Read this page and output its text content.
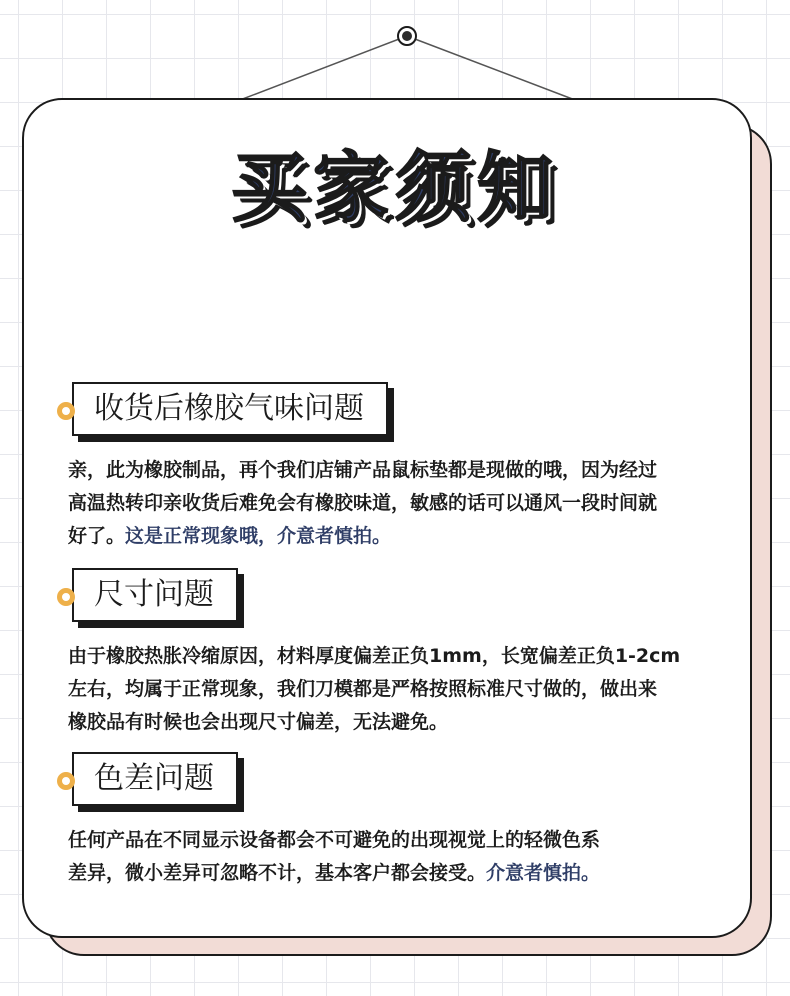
买家须知
收货后橡胶气味问题

亲，此为橡胶制品，再个我们店铺产品鼠标垫都是现做的哦，因为经过
高温热转印亲收货后难免会有橡胶味道，敏感的话可以通风一段时间就
好了。这是正常现象哦，介意者慎拍。

尺寸问题

由于橡胶热胀冷缩原因，材料厚度偏差正负1mm，长宽偏差正负1-2cm
左右，均属于正常现象，我们刀模都是严格按照标准尺寸做的，做出来
橡胶品有时候也会出现尺寸偏差，无法避免。

色差问题

任何产品在不同显示设备都会不可避免的出现视觉上的轻微色系
差异，微小差异可忽略不计，基本客户都会接受。介意者慎拍。
